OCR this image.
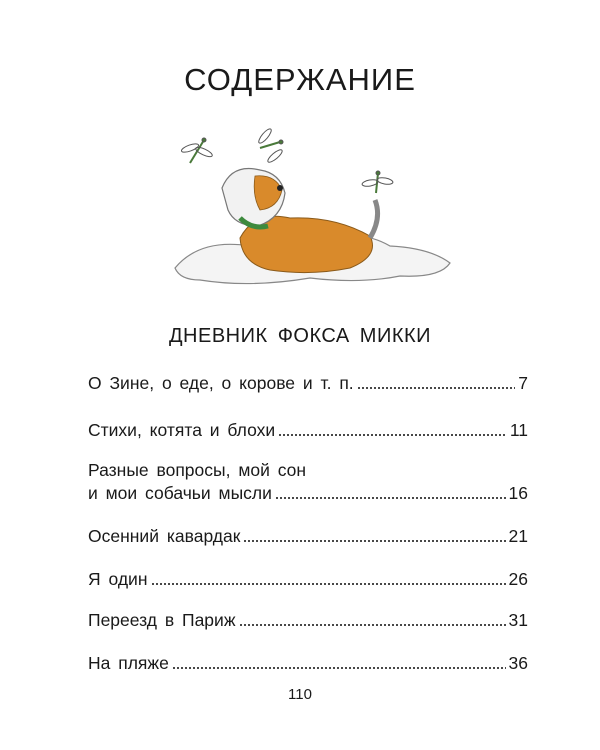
СОДЕРЖАНИЕ
ДНЕВНИК ФОКСА МИККИ
О Зине, о еде, о корове и т. п.	7
Стихи, котята и блохи	11
Разные вопросы, мой сон
и мои собачьи мысли	16
Осенний кавардак	21
Я один	26
Переезд в Париж	31
На пляже	36
110
